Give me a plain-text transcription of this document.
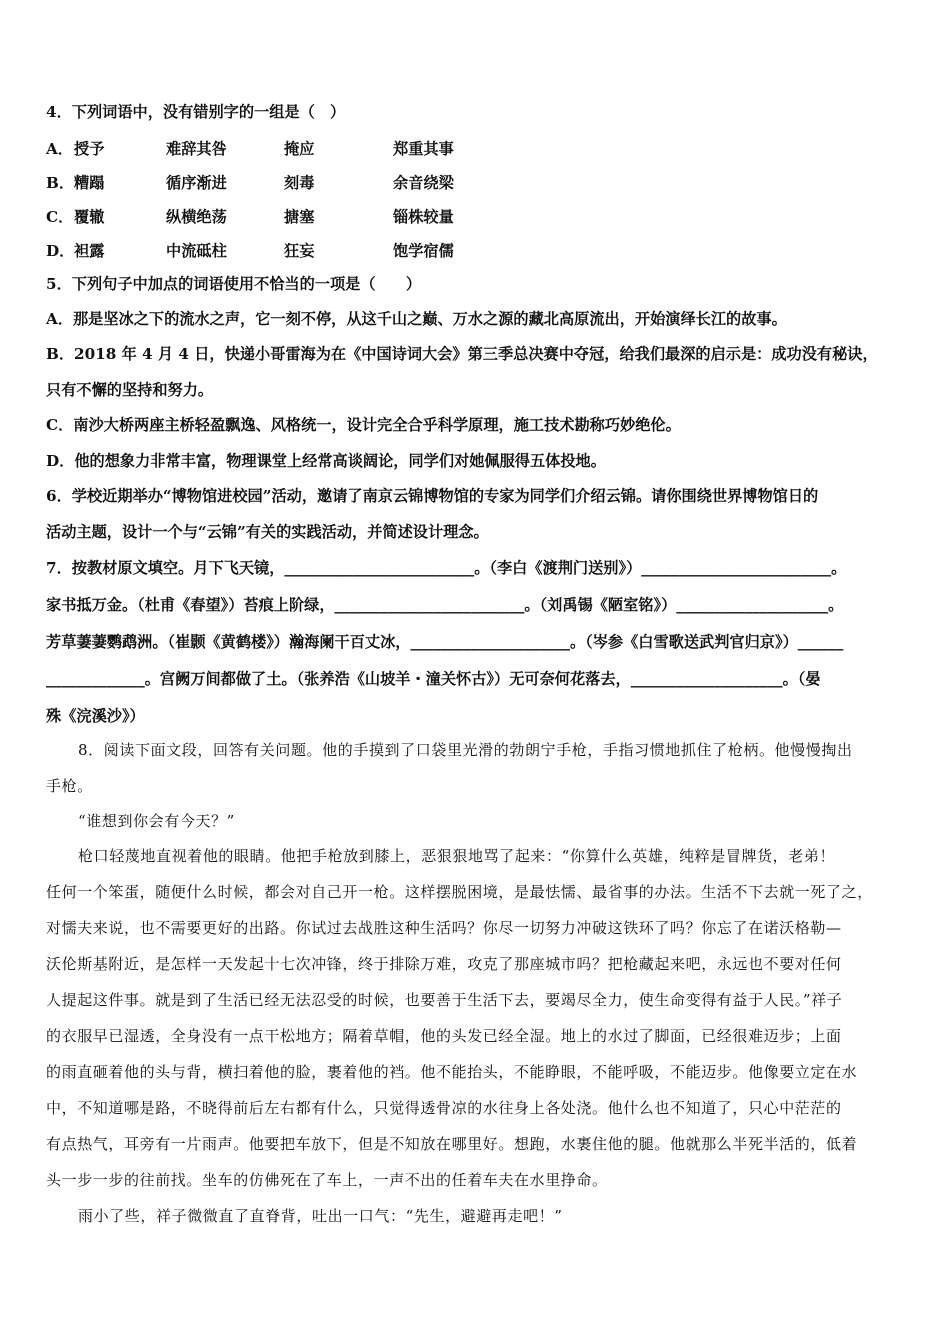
4．下列词语中，没有错别字的一组是（　）
A． 授予	难辞其咎	掩应	郑重其事
B． 糟蹋	循序渐进	刻毒	余音绕梁
C． 覆辙	纵横绝荡	搪塞	锱株较量
D． 袒露	中流砥柱	狂妄	饱学宿儒
5．下列句子中加点的词语使用不恰当的一项是（　　）
A．那是坚冰之下的流水之声，它一刻不停，从这千山之巅、万水之源的藏北高原流出，开始演绎长江的故事。
B．2018 年 4 月 4 日，快递小哥雷海为在《中国诗词大会》第三季总决赛中夺冠，给我们最深的启示是：成功没有秘诀，
只有不懈的坚持和努力。
C．南沙大桥两座主桥轻盈飘逸、风格统一，设计完全合乎科学原理，施工技术勘称巧妙绝伦。
D．他的想象力非常丰富，物理课堂上经常高谈阔论，同学们对她佩服得五体投地。
6．学校近期举办“博物馆进校园”活动，邀请了南京云锦博物馆的专家为同学们介绍云锦。请你围绕世界博物馆日的
活动主题，设计一个与“云锦”有关的实践活动，并简述设计理念。
7．按教材原文填空。月下飞天镜，_________________________。（李白《渡荆门送别》）_________________________。
家书抵万金。（杜甫《春望》）苔痕上阶绿，_________________________。（刘禹锡《陋室铭》）____________________。
芳草萋萋鹦鹉洲。（崔颢《黄鹤楼》）瀚海阑干百丈冰，_____________________。（岑参《白雪歌送武判官归京》）______
_____________。宫阙万间都做了土。（张养浩《山坡羊・潼关怀古》）无可奈何花落去，____________________。（晏
殊《浣溪沙》）
8．阅读下面文段，回答有关问题。他的手摸到了口袋里光滑的勃朗宁手枪，手指习惯地抓住了枪柄。他慢慢掏出
手枪。
“谁想到你会有今天？”
枪口轻蔑地直视着他的眼睛。他把手枪放到膝上，恶狠狠地骂了起来：“你算什么英雄，纯粹是冒牌货，老弟！
任何一个笨蛋，随便什么时候，都会对自己开一枪。这样摆脱困境，是最怯懦、最省事的办法。生活不下去就一死了之，
对懦夫来说，也不需要更好的出路。你试过去战胜这种生活吗？你尽一切努力冲破这铁环了吗？你忘了在诺沃格勒—
沃伦斯基附近，是怎样一天发起十七次冲锋，终于排除万难，攻克了那座城市吗？把枪藏起来吧，永远也不要对任何
人提起这件事。就是到了生活已经无法忍受的时候，也要善于生活下去，要竭尽全力，使生命变得有益于人民。”祥子
的衣服早已湿透，全身没有一点干松地方；隔着草帽，他的头发已经全湿。地上的水过了脚面，已经很难迈步；上面
的雨直砸着他的头与背，横扫着他的脸，裹着他的裆。他不能抬头，不能睁眼，不能呼吸，不能迈步。他像要立定在水
中，不知道哪是路，不晓得前后左右都有什么，只觉得透骨凉的水往身上各处浇。他什么也不知道了，只心中茫茫的
有点热气，耳旁有一片雨声。他要把车放下，但是不知放在哪里好。想跑，水裹住他的腿。他就那么半死半活的，低着
头一步一步的往前找。坐车的仿佛死在了车上，一声不出的任着车夫在水里挣命。
雨小了些，祥子微微直了直脊背，吐出一口气：“先生，避避再走吧！”
